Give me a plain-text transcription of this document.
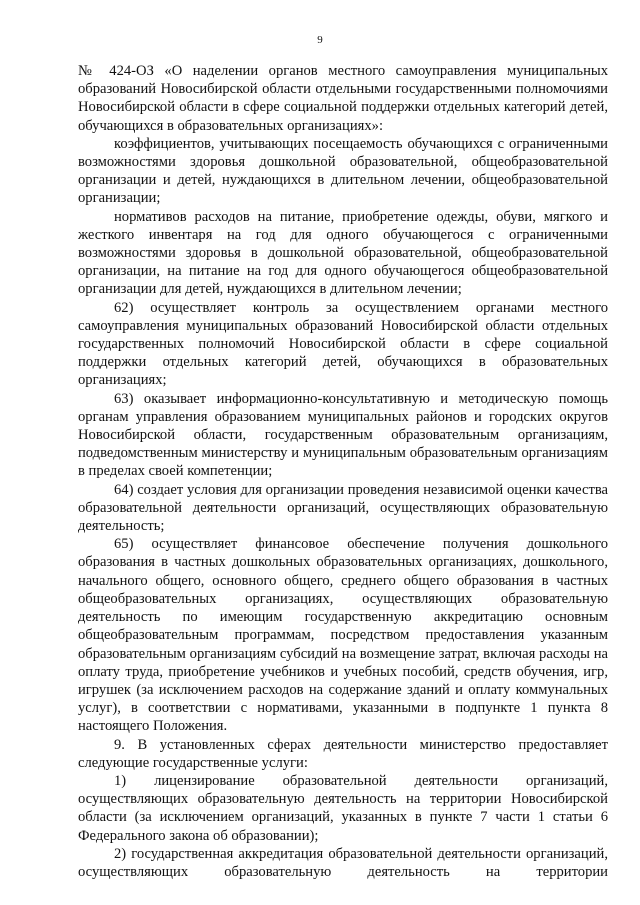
9

№ 424-ОЗ «О наделении органов местного самоуправления муниципальных образований Новосибирской области отдельными государственными полномочиями Новосибирской области в сфере социальной поддержки отдельных категорий детей, обучающихся в образовательных организациях»:

коэффициентов, учитывающих посещаемость обучающихся с ограниченными возможностями здоровья дошкольной образовательной, общеобразовательной организации и детей, нуждающихся в длительном лечении, общеобразовательной организации;

нормативов расходов на питание, приобретение одежды, обуви, мягкого и жесткого инвентаря на год для одного обучающегося с ограниченными возможностями здоровья в дошкольной образовательной, общеобразовательной организации, на питание на год для одного обучающегося общеобразовательной организации для детей, нуждающихся в длительном лечении;

62) осуществляет контроль за осуществлением органами местного самоуправления муниципальных образований Новосибирской области отдельных государственных полномочий Новосибирской области в сфере социальной поддержки отдельных категорий детей, обучающихся в образовательных организациях;

63) оказывает информационно-консультативную и методическую помощь органам управления образованием муниципальных районов и городских округов Новосибирской области, государственным образовательным организациям, подведомственным министерству и муниципальным образовательным организациям в пределах своей компетенции;

64) создает условия для организации проведения независимой оценки качества образовательной деятельности организаций, осуществляющих образовательную деятельность;

65) осуществляет финансовое обеспечение получения дошкольного образования в частных дошкольных образовательных организациях, дошкольного, начального общего, основного общего, среднего общего образования в частных общеобразовательных организациях, осуществляющих образовательную деятельность по имеющим государственную аккредитацию основным общеобразовательным программам, посредством предоставления указанным образовательным организациям субсидий на возмещение затрат, включая расходы на оплату труда, приобретение учебников и учебных пособий, средств обучения, игр, игрушек (за исключением расходов на содержание зданий и оплату коммунальных услуг), в соответствии с нормативами, указанными в подпункте 1 пункта 8 настоящего Положения.

9. В установленных сферах деятельности министерство предоставляет следующие государственные услуги:

1) лицензирование образовательной деятельности организаций, осуществляющих образовательную деятельность на территории Новосибирской области (за исключением организаций, указанных в пункте 7 части 1 статьи 6 Федерального закона об образовании);

2) государственная аккредитация образовательной деятельности организаций, осуществляющих образовательную деятельность на территории
